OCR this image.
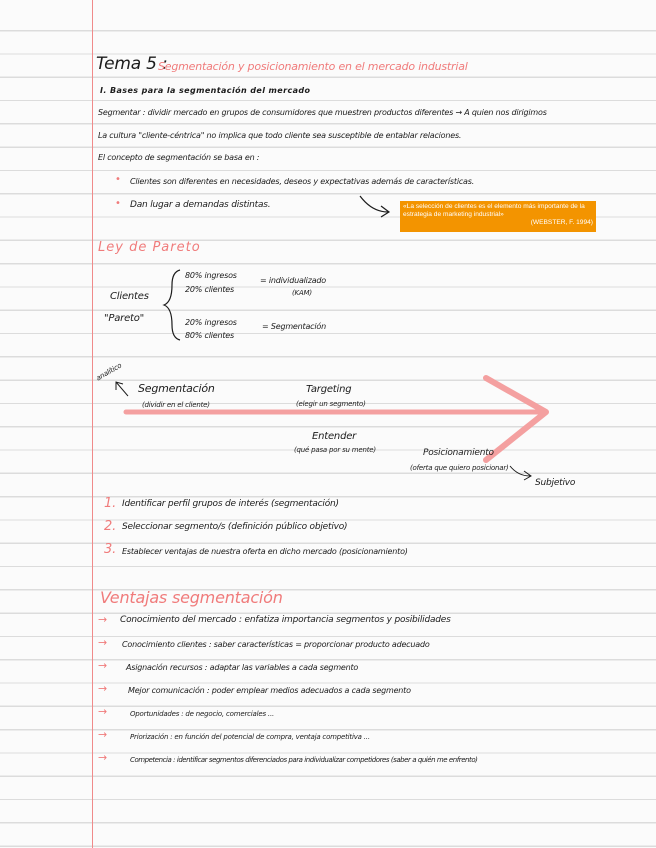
Tema 5 :
Segmentación y posicionamiento en el mercado industrial
I. Bases para la segmentación del mercado
Segmentar : dividir mercado en grupos de consumidores que muestren productos diferentes → A quien nos dirigimos
La cultura "cliente-céntrica" no implica que todo cliente sea susceptible de entablar relaciones.
El concepto de segmentación se basa en :
• Clientes son diferentes en necesidades, deseos y expectativas además de características.
• Dan lugar a demandas distintas.	«La selección de clientes es el elemento más importante de la estrategia de marketing industrial»
(WEBSTER, F. 1994)
Ley de Pareto
Clientes
"Pareto"
80% ingresos
20% clientes
= individualizado
(KAM)
20% ingresos
80% clientes
= Segmentación
analítico
Segmentación
(dividir en el cliente)
Targeting
(elegir un segmento)
Entender
(qué pasa por su mente)	Posicionamiento
(oferta que quiero posicionar)
Subjetivo
1. Identificar perfil grupos de interés (segmentación)
2. Seleccionar segmento/s (definición público objetivo)
3. Establecer ventajas de nuestra oferta en dicho mercado (posicionamiento)
Ventajas segmentación
→ Conocimiento del mercado : enfatiza importancia segmentos y posibilidades
→ Conocimiento clientes : saber características = proporcionar producto adecuado
→ Asignación recursos : adaptar las variables a cada segmento
→	Mejor comunicación : poder emplear medios adecuados a cada segmento
→	Oportunidades : de negocio, comerciales ...
→	Priorización : en función del potencial de compra, ventaja competitiva ...
→	Competencia : identificar segmentos diferenciados para individualizar competidores (saber a quién me enfrento)
